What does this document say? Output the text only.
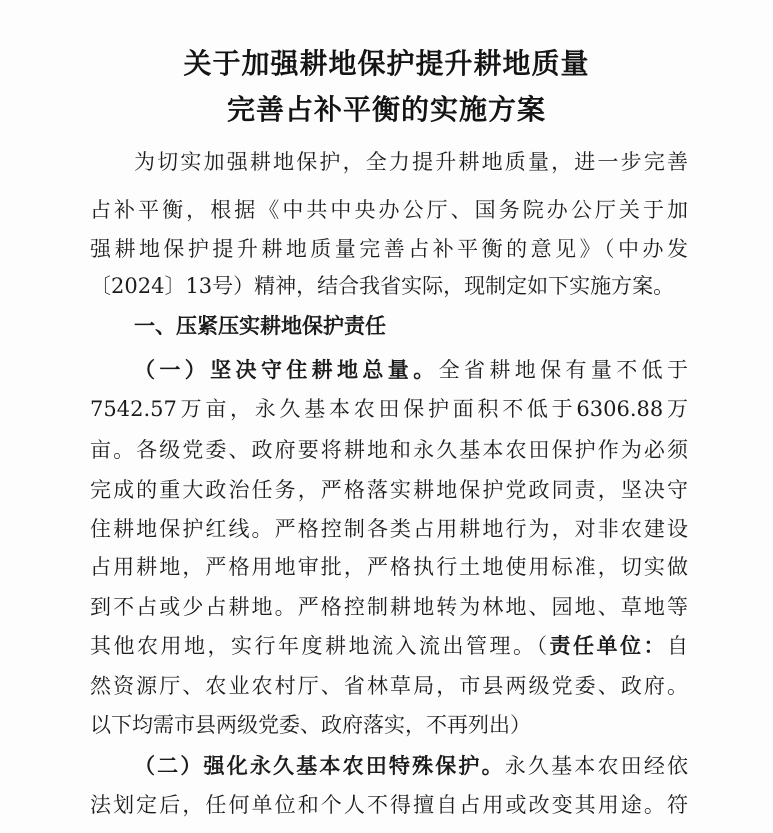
关于加强耕地保护提升耕地质量
完善占补平衡的实施方案
为切实加强耕地保护，全力提升耕地质量，进一步完善
占补平衡，根据《中共中央办公厅、国务院办公厅关于加
强耕地保护提升耕地质量完善占补平衡的意见》（中办发
〔2024〕13号）精神，结合我省实际，现制定如下实施方案。
一、压紧压实耕地保护责任
（一）坚决守住耕地总量。全省耕地保有量不低于
7542.57万亩，永久基本农田保护面积不低于6306.88万
亩。各级党委、政府要将耕地和永久基本农田保护作为必须
完成的重大政治任务，严格落实耕地保护党政同责，坚决守
住耕地保护红线。严格控制各类占用耕地行为，对非农建设
占用耕地，严格用地审批，严格执行土地使用标准，切实做
到不占或少占耕地。严格控制耕地转为林地、园地、草地等
其他农用地，实行年度耕地流入流出管理。（责任单位：自
然资源厅、农业农村厅、省林草局，市县两级党委、政府。
以下均需市县两级党委、政府落实，不再列出）
（二）强化永久基本农田特殊保护。永久基本农田经依
法划定后，任何单位和个人不得擅自占用或改变其用途。符
